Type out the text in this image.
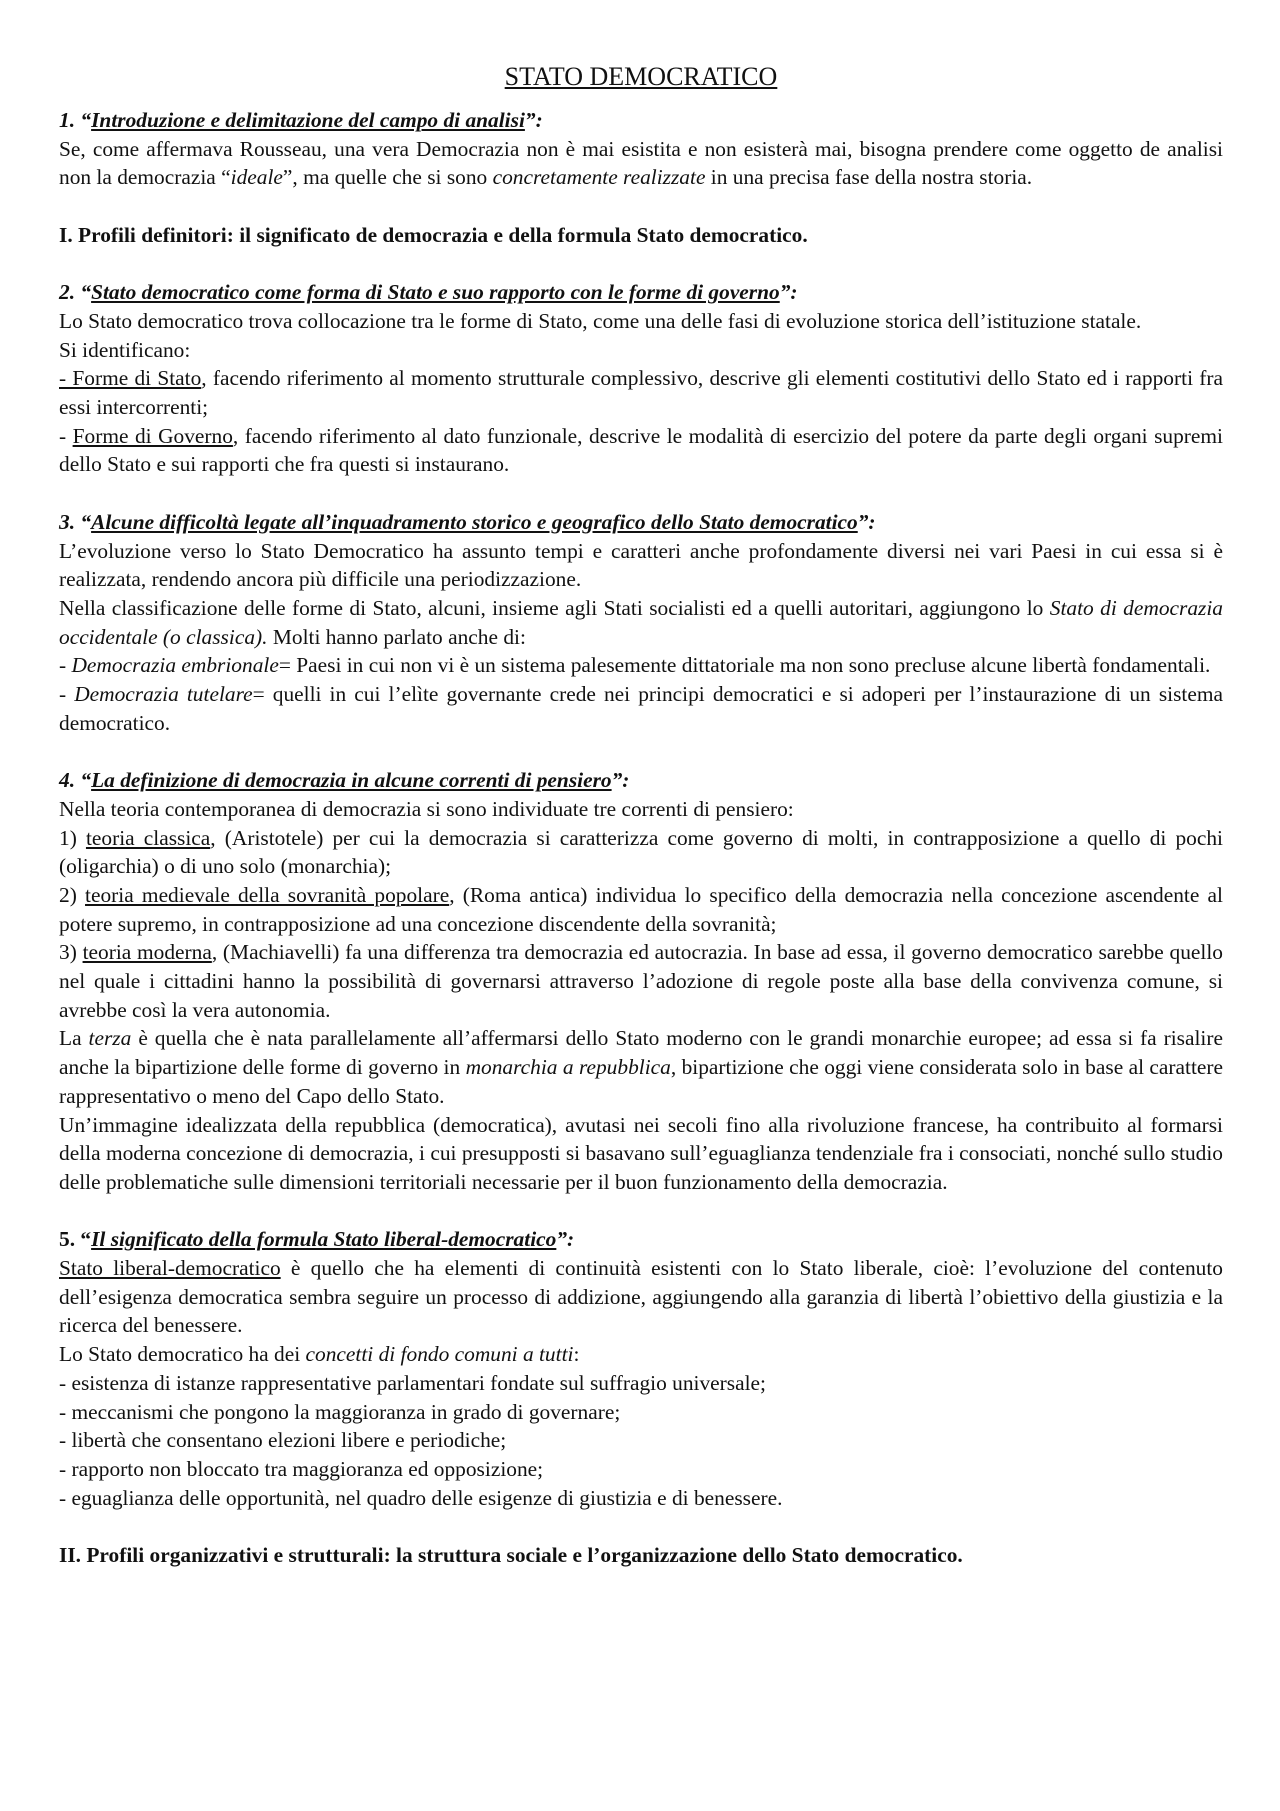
STATO DEMOCRATICO

1. “Introduzione e delimitazione del campo di analisi”:

Se, come affermava Rousseau, una vera Democrazia non è mai esistita e non esisterà mai, bisogna prendere come oggetto de analisi non la democrazia “ideale”, ma quelle che si sono concretamente realizzate in una precisa fase della nostra storia.

I. Profili definitori: il significato de democrazia e della formula Stato democratico.

2. “Stato democratico come forma di Stato e suo rapporto con le forme di governo”:

Lo Stato democratico trova collocazione tra le forme di Stato, come una delle fasi di evoluzione storica dell’istituzione statale.

Si identificano:

- Forme di Stato, facendo riferimento al momento strutturale complessivo, descrive gli elementi costitutivi dello Stato ed i rapporti fra essi intercorrenti;

- Forme di Governo, facendo riferimento al dato funzionale, descrive le modalità di esercizio del potere da parte degli organi supremi dello Stato e sui rapporti che fra questi si instaurano.

3. “Alcune difficoltà legate all’inquadramento storico e geografico dello Stato democratico”:

L’evoluzione verso lo Stato Democratico ha assunto tempi e caratteri anche profondamente diversi nei vari Paesi in cui essa si è realizzata, rendendo ancora più difficile una periodizzazione.

Nella classificazione delle forme di Stato, alcuni, insieme agli Stati socialisti ed a quelli autoritari, aggiungono lo Stato di democrazia occidentale (o classica). Molti hanno parlato anche di:

- Democrazia embrionale= Paesi in cui non vi è un sistema palesemente dittatoriale ma non sono precluse alcune libertà fondamentali.

- Democrazia tutelare= quelli in cui l’elìte governante crede nei principi democratici e si adoperi per l’instaurazione di un sistema democratico.

4. “La definizione di democrazia in alcune correnti di pensiero”:

Nella teoria contemporanea di democrazia si sono individuate tre correnti di pensiero:

1) teoria classica, (Aristotele) per cui la democrazia si caratterizza come governo di molti, in contrapposizione a quello di pochi (oligarchia) o di uno solo (monarchia);

2) teoria medievale della sovranità popolare, (Roma antica) individua lo specifico della democrazia nella concezione ascendente al potere supremo, in contrapposizione ad una concezione discendente della sovranità;

3) teoria moderna, (Machiavelli) fa una differenza tra democrazia ed autocrazia. In base ad essa, il governo democratico sarebbe quello nel quale i cittadini hanno la possibilità di governarsi attraverso l’adozione di regole poste alla base della convivenza comune, si avrebbe così la vera autonomia.

La terza è quella che è nata parallelamente all’affermarsi dello Stato moderno con le grandi monarchie europee; ad essa si fa risalire anche la bipartizione delle forme di governo in monarchia a repubblica, bipartizione che oggi viene considerata solo in base al carattere rappresentativo o meno del Capo dello Stato.

Un’immagine idealizzata della repubblica (democratica), avutasi nei secoli fino alla rivoluzione francese, ha contribuito al formarsi della moderna concezione di democrazia, i cui presupposti si basavano sull’eguaglianza tendenziale fra i consociati, nonché sullo studio delle problematiche sulle dimensioni territoriali necessarie per il buon funzionamento della democrazia.

5. “Il significato della formula Stato liberal-democratico”:

Stato liberal-democratico è quello che ha elementi di continuità esistenti con lo Stato liberale, cioè: l’evoluzione del contenuto dell’esigenza democratica sembra seguire un processo di addizione, aggiungendo alla garanzia di libertà l’obiettivo della giustizia e la ricerca del benessere.

Lo Stato democratico ha dei concetti di fondo comuni a tutti:

- esistenza di istanze rappresentative parlamentari fondate sul suffragio universale;

- meccanismi che pongono la maggioranza in grado di governare;

- libertà che consentano elezioni libere e periodiche;

- rapporto non bloccato tra maggioranza ed opposizione;

- eguaglianza delle opportunità, nel quadro delle esigenze di giustizia e di benessere.

II. Profili organizzativi e strutturali: la struttura sociale e l’organizzazione dello Stato democratico.
